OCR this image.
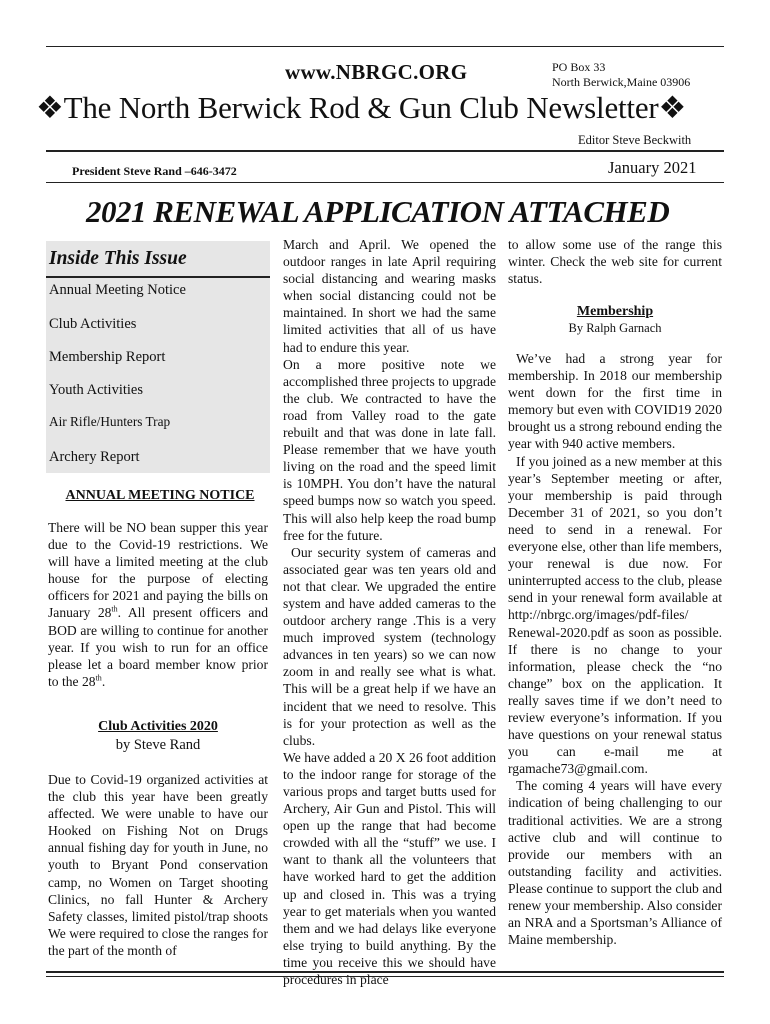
www.NBRGC.ORG	PO Box 33
North Berwick,Maine 03906
❖The North Berwick Rod & Gun Club Newsletter❖
Editor Steve Beckwith
President Steve Rand –646-3472	January 2021
2021 RENEWAL APPLICATION ATTACHED
Inside This Issue
Annual Meeting Notice
Club Activities
Membership Report
Youth Activities
Air Rifle/Hunters Trap
Archery Report
ANNUAL MEETING NOTICE

There will be NO bean supper this year due to the Covid-19 restrictions. We will have a limited meeting at the club house for the purpose of electing officers for 2021 and paying the bills on January 28th. All present officers and BOD are willing to continue for another year. If you wish to run for an office please let a board member know prior to the 28th.

Club Activities 2020
by Steve Rand

Due to Covid-19 organized activities at the club this year have been greatly affected. We were unable to have our Hooked on Fishing Not on Drugs annual fishing day for youth in June, no youth to Bryant Pond conservation camp, no Women on Target shooting Clinics, no fall Hunter & Archery Safety classes, limited pistol/trap shoots We were required to close the ranges for the part of the month of

March and April. We opened the outdoor ranges in late April requiring social distancing and wearing masks when social distancing could not be maintained. In short we had the same limited activities that all of us have had to endure this year.

On a more positive note we accomplished three projects to upgrade the club. We contracted to have the road from Valley road to the gate rebuilt and that was done in late fall. Please remember that we have youth living on the road and the speed limit is 10MPH. You don’t have the natural speed bumps now so watch you speed. This will also help keep the road bump free for the future.

Our security system of cameras and associated gear was ten years old and not that clear. We upgraded the entire system and have added cameras to the outdoor archery range .This is a very much improved system (technology advances in ten years) so we can now zoom in and really see what is what. This will be a great help if we have an incident that we need to resolve. This is for your protection as well as the clubs.

We have added a 20 X 26 foot addition to the indoor range for storage of the various props and target butts used for Archery, Air Gun and Pistol. This will open up the range that had become crowded with all the “stuff” we use. I want to thank all the volunteers that have worked hard to get the addition up and closed in. This was a trying year to get materials when you wanted them and we had delays like everyone else trying to build anything. By the time you receive this we should have procedures in place

to allow some use of the range this winter. Check the web site for current status.

Membership
By Ralph Garnach

We’ve had a strong year for membership. In 2018 our membership went down for the first time in memory but even with COVID19 2020 brought us a strong rebound ending the year with 940 active members.

If you joined as a new member at this year’s September meeting or after, your membership is paid through December 31 of 2021, so you don’t need to send in a renewal. For everyone else, other than life members, your renewal is due now. For uninterrupted access to the club, please send in your renewal form available at http://nbrgc.org/images/pdf-files/ Renewal-2020.pdf as soon as possible. If there is no change to your information, please check the “no change” box on the application. It really saves time if we don’t need to review everyone’s information. If you have questions on your renewal status you can e-mail me at rgamache73@gmail.com.

The coming 4 years will have every indication of being challenging to our traditional activities. We are a strong active club and will continue to provide our members with an outstanding facility and activities. Please continue to support the club and renew your membership. Also consider an NRA and a Sportsman’s Alliance of Maine membership.
